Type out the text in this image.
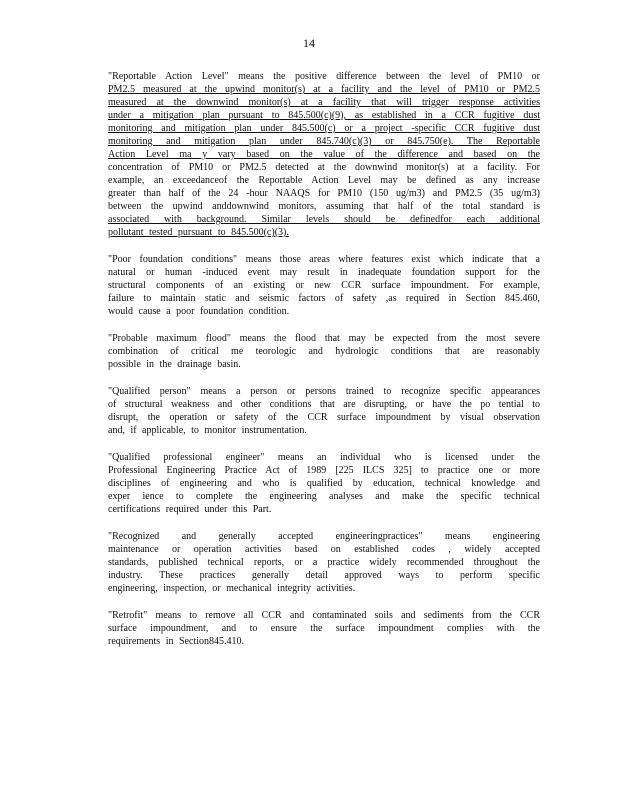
14
"Reportable Action Level" means the positive difference between the level of PM10 or
PM2.5 measured at the upwind monitor(s) at a facility and the level of PM10 or PM2.5
measured at the downwind monitor(s) at a facility that will trigger response activities
under a mitigation plan pursuant to 845.500(c)(9), as established in a CCR fugitive dust
monitoring and mitigation plan under 845.500(c) or a project -specific CCR fugitive dust
monitoring and mitigation plan under 845.740(c)(3) or 845.750(e). The Reportable
Action Level ma y vary based on the value of the difference and based on the
concentration of PM10 or PM2.5 detected at the downwind monitor(s) at a facility. For
example, an exceedanceof the Reportable Action Level may be defined as any increase
greater than half of the 24 -hour NAAQS for PM10 (150 ug/m3) and PM2.5 (35 ug/m3)
between the upwind anddownwind monitors, assuming that half of the total standard is
associated with background. Similar levels should be definedfor each additional
pollutant tested pursuant to 845.500(c)(3).
"Poor foundation conditions" means those areas where features exist which indicate that a
natural or human -induced event may result in inadequate foundation support for the
structural components of an existing or new CCR surface impoundment. For example,
failure to maintain static and seismic factors of safety ,as required in Section 845.460,
would cause a poor foundation condition.
"Probable maximum flood" means the flood that may be expected from the most severe
combination of critical me teorologic and hydrologic conditions that are reasonably
possible in the drainage basin.
"Qualified person" means a person or persons trained to recognize specific appearances
of structural weakness and other conditions that are disrupting, or have the po tential to
disrupt, the operation or safety of the CCR surface impoundment by visual observation
and, if applicable, to monitor instrumentation.
"Qualified professional engineer" means an individual who is licensed under the
Professional Engineering Practice Act of 1989 [225 ILCS 325] to practice one or more
disciplines of engineering and who is qualified by education, technical knowledge and
exper ience to complete the engineering analyses and make the specific technical
certifications required under this Part.
"Recognized and generally accepted engineeringpractices" means engineering
maintenance or operation activities based on established codes , widely accepted
standards, published technical reports, or a practice widely recommended throughout the
industry. These practices generally detail approved ways to perform specific
engineering, inspection, or mechanical integrity activities.
"Retrofit" means to remove all CCR and contaminated soils and sediments from the CCR
surface impoundment, and to ensure the surface impoundment complies with the
requirements in Section845.410.
